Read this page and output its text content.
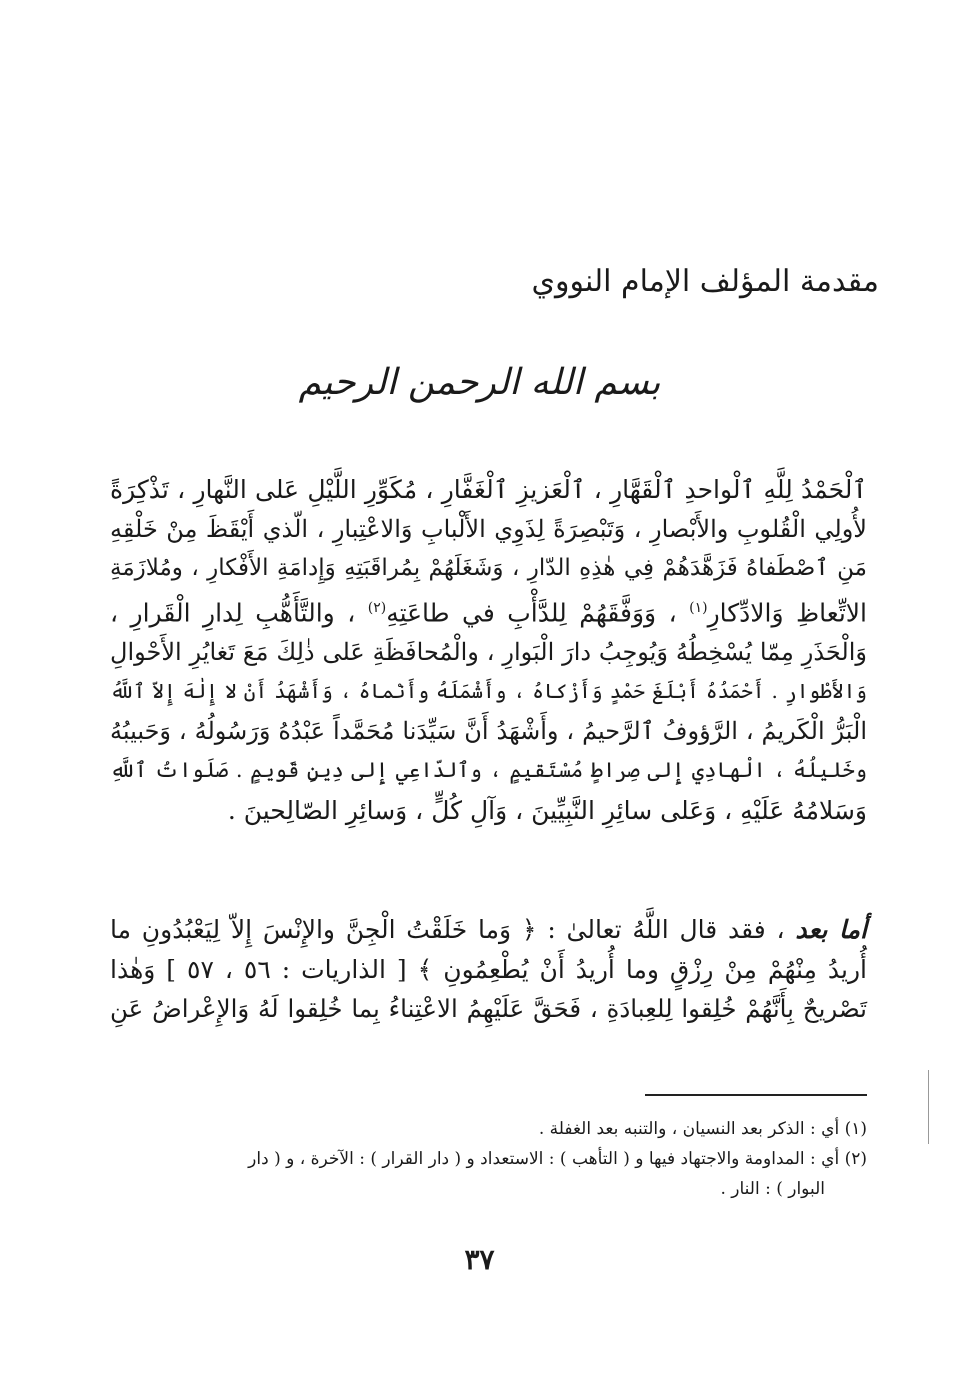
مقدمة المؤلف الإمام النووي
بسم الله الرحمن الرحيم
ٱلْحَمْدُ لِلَّهِ ٱلْواحدِ ٱلْقَهَّارِ ، ٱلْعَزيزِ ٱلْغَفَّارِ ، مُكَوِّرِ اللَّيْلِ عَلى النَّهارِ ، تَذْكِرَةً
لأُولِي الْقُلوبِ والأَبْصارِ ، وَتَبْصِرَةً لِذَوِي الأَلْبابِ وَالاعْتِبارِ ، الّذي أَيْقَظَ مِنْ خَلْقِهِ
مَنِ ٱصْطَفاهُ فَزَهَّدَهُمْ فِي هٰذِهِ الدّارِ ، وَشَغَلَهُمْ بِمُراقَبَتِهِ وَإِدامَةِ الأَفْكارِ ، ومُلازَمَةِ
الاتِّعاظِ وَالادِّكارِ$^{(١)}$ ، وَوَفَّقَهُمْ لِلدَّأْبِ في طاعَتِهِ$^{(٢)}$ ، والتَّأَهُّبِ لِدارِ الْقَرارِ ،
وَالْحَذَرِ مِمّا يُسْخِطُهُ وَيُوجِبُ دارَ الْبَوارِ ، والْمُحافَظَةِ عَلى ذٰلِكَ مَعَ تَغايُرِ الأَحْوالِ
وَالأَطْوارِ . أَحْمَدُهُ أَبْلَغَ حَمْدٍ وَأَزْكاهُ ، وأَشْمَلَهُ وأَنْماهُ ، وَأَشْهَدُ أَنْ لا إِلٰهَ إِلاّ ٱللَّهُ
الْبَرُّ الْكَريمُ ، الرَّؤوفُ ٱلرَّحيمُ ، وأَشْهَدُ أَنَّ سَيِّدَنا مُحَمَّداً عَبْدُهُ وَرَسُولُهُ ، وَحَبيبُهُ
وخَليلُهُ ، الْهادِي إِلى صِراطٍ مُسْتَقيمٍ ، وٱلدّاعِي إِلى دِينٍ قَويمٍ . صَلَواتُ ٱللَّهِ
وَسَلامُهُ عَلَيْهِ ، وَعَلى سائِرِ النَّبِيِّينَ ، وَآلِ كُلٍّ ، وَسائِرِ الصّالِحينَ .
أما بعد ، فقد قال اللَّهُ تعالىٰ : ﴿ وَما خَلَقْتُ الْجِنَّ والإِنْسَ إِلاّ لِيَعْبُدُونِ ما
أُريدُ مِنْهُمْ مِنْ رِزْقٍ وما أُريدُ أَنْ يُطْعِمُونِ ﴾ [ الذاريات : ٥٦ ، ٥٧ ] وَهٰذا
تَصْريحٌ بِأَنَّهُمْ خُلِقوا لِلعِبادَةِ ، فَحَقَّ عَلَيْهِمُ الاعْتِناءُ بِما خُلِقوا لَهُ وَالإِعْراضُ عَنِ
(١) أي : الذكر بعد النسيان ، والتنبه بعد الغفلة .
(٢) أي : المداومة والاجتهاد فيها و ( التأهب ) : الاستعداد و ( دار القرار ) : الآخرة ، و ( دار
البوار ) : النار .
٣٧
